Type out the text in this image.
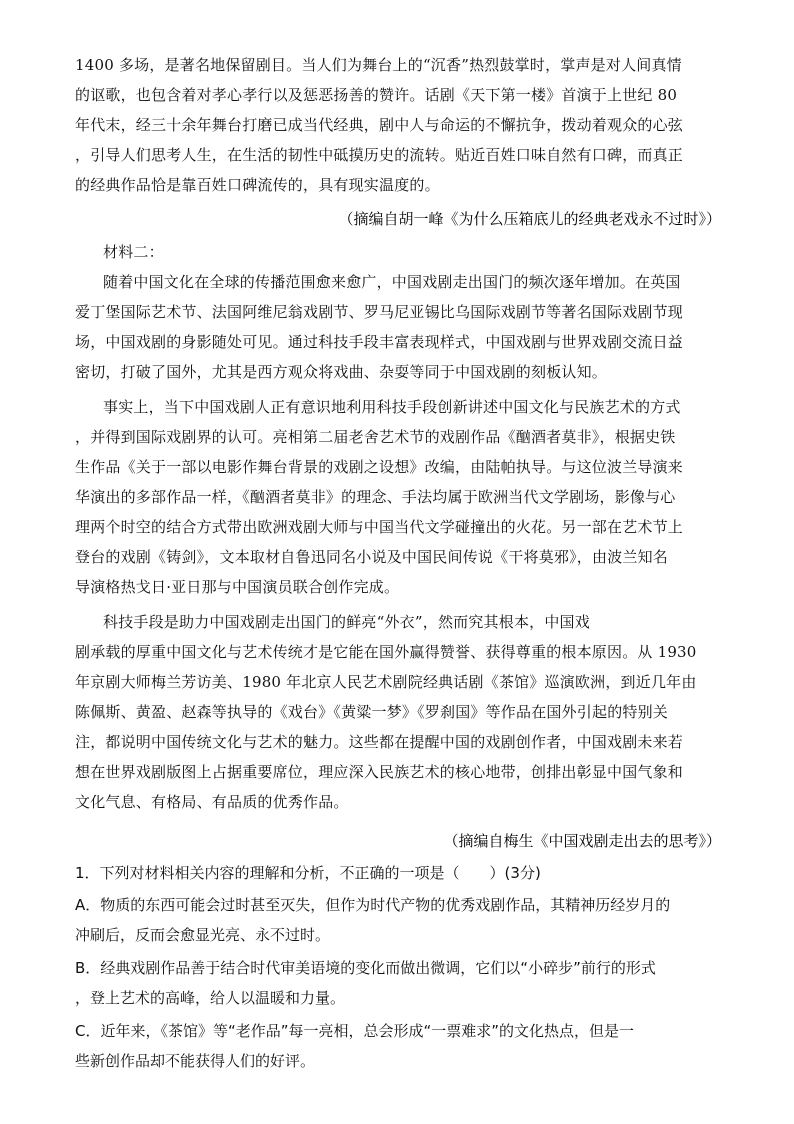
1400 多场，是著名地保留剧目。当人们为舞台上的“沉香”热烈鼓掌时，掌声是对人间真情
的讴歌，也包含着对孝心孝行以及惩恶扬善的赞许。话剧《天下第一楼》首演于上世纪 80
年代末，经三十余年舞台打磨已成当代经典，剧中人与命运的不懈抗争，拨动着观众的心弦
，引导人们思考人生，在生活的韧性中砥摸历史的流转。贴近百姓口味自然有口碑，而真正
的经典作品恰是靠百姓口碑流传的，具有现实温度的。
（摘编自胡一峰《为什么压箱底儿的经典老戏永不过时》）
材料二：
随着中国文化在全球的传播范围愈来愈广，中国戏剧走出国门的频次逐年增加。在英国
爱丁堡国际艺术节、法国阿维尼翁戏剧节、罗马尼亚锡比乌国际戏剧节等著名国际戏剧节现
场，中国戏剧的身影随处可见。通过科技手段丰富表现样式，中国戏剧与世界戏剧交流日益
密切，打破了国外，尤其是西方观众将戏曲、杂耍等同于中国戏剧的刻板认知。
事实上，当下中国戏剧人正有意识地利用科技手段创新讲述中国文化与民族艺术的方式
，并得到国际戏剧界的认可。亮相第二届老舍艺术节的戏剧作品《酗酒者莫非》，根据史铁
生作品《关于一部以电影作舞台背景的戏剧之设想》改编，由陆帕执导。与这位波兰导演来
华演出的多部作品一样，《酗酒者莫非》的理念、手法均属于欧洲当代文学剧场，影像与心
理两个时空的结合方式带出欧洲戏剧大师与中国当代文学碰撞出的火花。另一部在艺术节上
登台的戏剧《铸剑》，文本取材自鲁迅同名小说及中国民间传说《干将莫邪》，由波兰知名
导演格热戈日·亚日那与中国演员联合创作完成。
科技手段是助力中国戏剧走出国门的鲜亮“外衣”，然而究其根本，中国戏
剧承载的厚重中国文化与艺术传统才是它能在国外赢得赞誉、获得尊重的根本原因。从 1930
年京剧大师梅兰芳访美、1980 年北京人民艺术剧院经典话剧《茶馆》巡演欧洲，到近几年由
陈佩斯、黄盈、赵森等执导的《戏台》《黄粱一梦》《罗刹国》等作品在国外引起的特别关
注，都说明中国传统文化与艺术的魅力。这些都在提醒中国的戏剧创作者，中国戏剧未来若
想在世界戏剧版图上占据重要席位，理应深入民族艺术的核心地带，创排出彰显中国气象和
文化气息、有格局、有品质的优秀作品。
（摘编自梅生《中国戏剧走出去的思考》）
1．下列对材料相关内容的理解和分析，不正确的一项是（　　）(3分)
A．物质的东西可能会过时甚至灭失，但作为时代产物的优秀戏剧作品，其精神历经岁月的
冲刷后，反而会愈显光亮、永不过时。
B．经典戏剧作品善于结合时代审美语境的变化而做出微调，它们以“小碎步”前行的形式
，登上艺术的高峰，给人以温暖和力量。
C．近年来，《茶馆》等“老作品”每一亮相，总会形成“一票难求”的文化热点，但是一
些新创作品却不能获得人们的好评。
